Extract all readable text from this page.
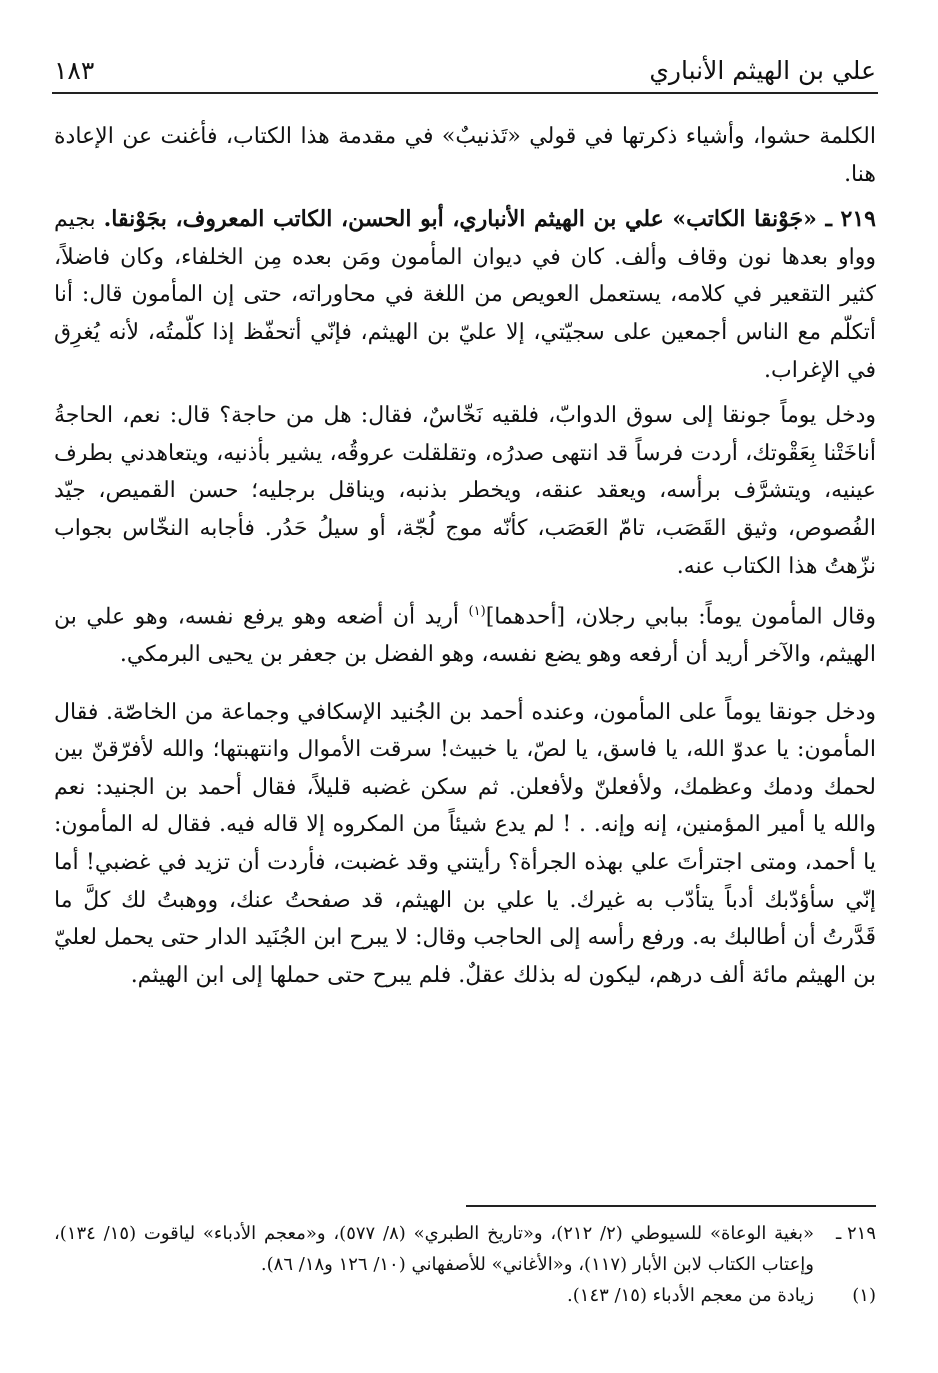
علي بن الهيثم الأنباري
١٨٣

الكلمة حشوا، وأشياء ذكرتها في قولي «تَذنيبٌ» في مقدمة هذا الكتاب، فأغنت عن الإعادة هنا.

٢١٩ ـ «جَوْنقا الكاتب» علي بن الهيثم الأنباري، أبو الحسن، الكاتب المعروف، بجَوْنقا. بجيم وواو بعدها نون وقاف وألف. كان في ديوان المأمون ومَن بعده مِن الخلفاء، وكان فاضلاً، كثير التقعير في كلامه، يستعمل العويص من اللغة في محاوراته، حتى إن المأمون قال: أنا أتكلّم مع الناس أجمعين على سجيّتي، إلا عليّ بن الهيثم، فإنّي أتحفّظ إذا كلّمتُه، لأنه يُغرِق في الإغراب.

ودخل يوماً جونقا إلى سوق الدوابّ، فلقيه نَخّاسٌ، فقال: هل من حاجة؟ قال: نعم، الحاجةُ أناخَتْنا بِعَقْوتك، أردت فرساً قد انتهى صدرُه، وتقلقلت عروقُه، يشير بأذنيه، ويتعاهدني بطرف عينيه، ويتشرَّف برأسه، ويعقد عنقه، ويخطر بذنبه، ويناقل برجليه؛ حسن القميص، جيّد الفُصوص، وثيق القَصَب، تامّ العَصَب، كأنّه موج لُجّة، أو سيلُ حَدُر. فأجابه النخّاس بجواب نزّهتُ هذا الكتاب عنه.

وقال المأمون يوماً: ببابي رجلان، [أحدهما]$^{(١)}$ أريد أن أضعه وهو يرفع نفسه، وهو علي بن الهيثم، والآخر أريد أن أرفعه وهو يضع نفسه، وهو الفضل بن جعفر بن يحيى البرمكي.

ودخل جونقا يوماً على المأمون، وعنده أحمد بن الجُنيد الإسكافي وجماعة من الخاصّة. فقال المأمون: يا عدوّ الله، يا فاسق، يا لصّ، يا خبيث! سرقت الأموال وانتهبتها؛ والله لأفرّقنّ بين لحمك ودمك وعظمك، ولأفعلنّ ولأفعلن. ثم سكن غضبه قليلاً، فقال أحمد بن الجنيد: نعم والله يا أمير المؤمنين، إنه وإنه. . ! لم يدع شيئاً من المكروه إلا قاله فيه. فقال له المأمون: يا أحمد، ومتى اجترأتَ علي بهذه الجرأة؟ رأيتني وقد غضبت، فأردت أن تزيد في غضبي! أما إنّي سأؤدّبك أدباً يتأدّب به غيرك. يا علي بن الهيثم، قد صفحتُ عنك، ووهبتُ لك كلَّ ما قَدَّرتُ أن أطالبك به. ورفع رأسه إلى الحاجب وقال: لا يبرح ابن الجُنَيد الدار حتى يحمل لعليّ بن الهيثم مائة ألف درهم، ليكون له بذلك عقلٌ. فلم يبرح حتى حملها إلى ابن الهيثم.

٢١٩ ـ
«بغية الوعاة» للسيوطي (٢/ ٢١٢)، و«تاريخ الطبري» (٨/ ٥٧٧)، و«معجم الأدباء» لياقوت (١٥/ ١٣٤)، وإعتاب الكتاب لابن الأبار (١١٧)، و«الأغاني» للأصفهاني (١٠/ ١٢٦ و١٨/ ٨٦).
(١)
زيادة من معجم الأدباء (١٥/ ١٤٣).
